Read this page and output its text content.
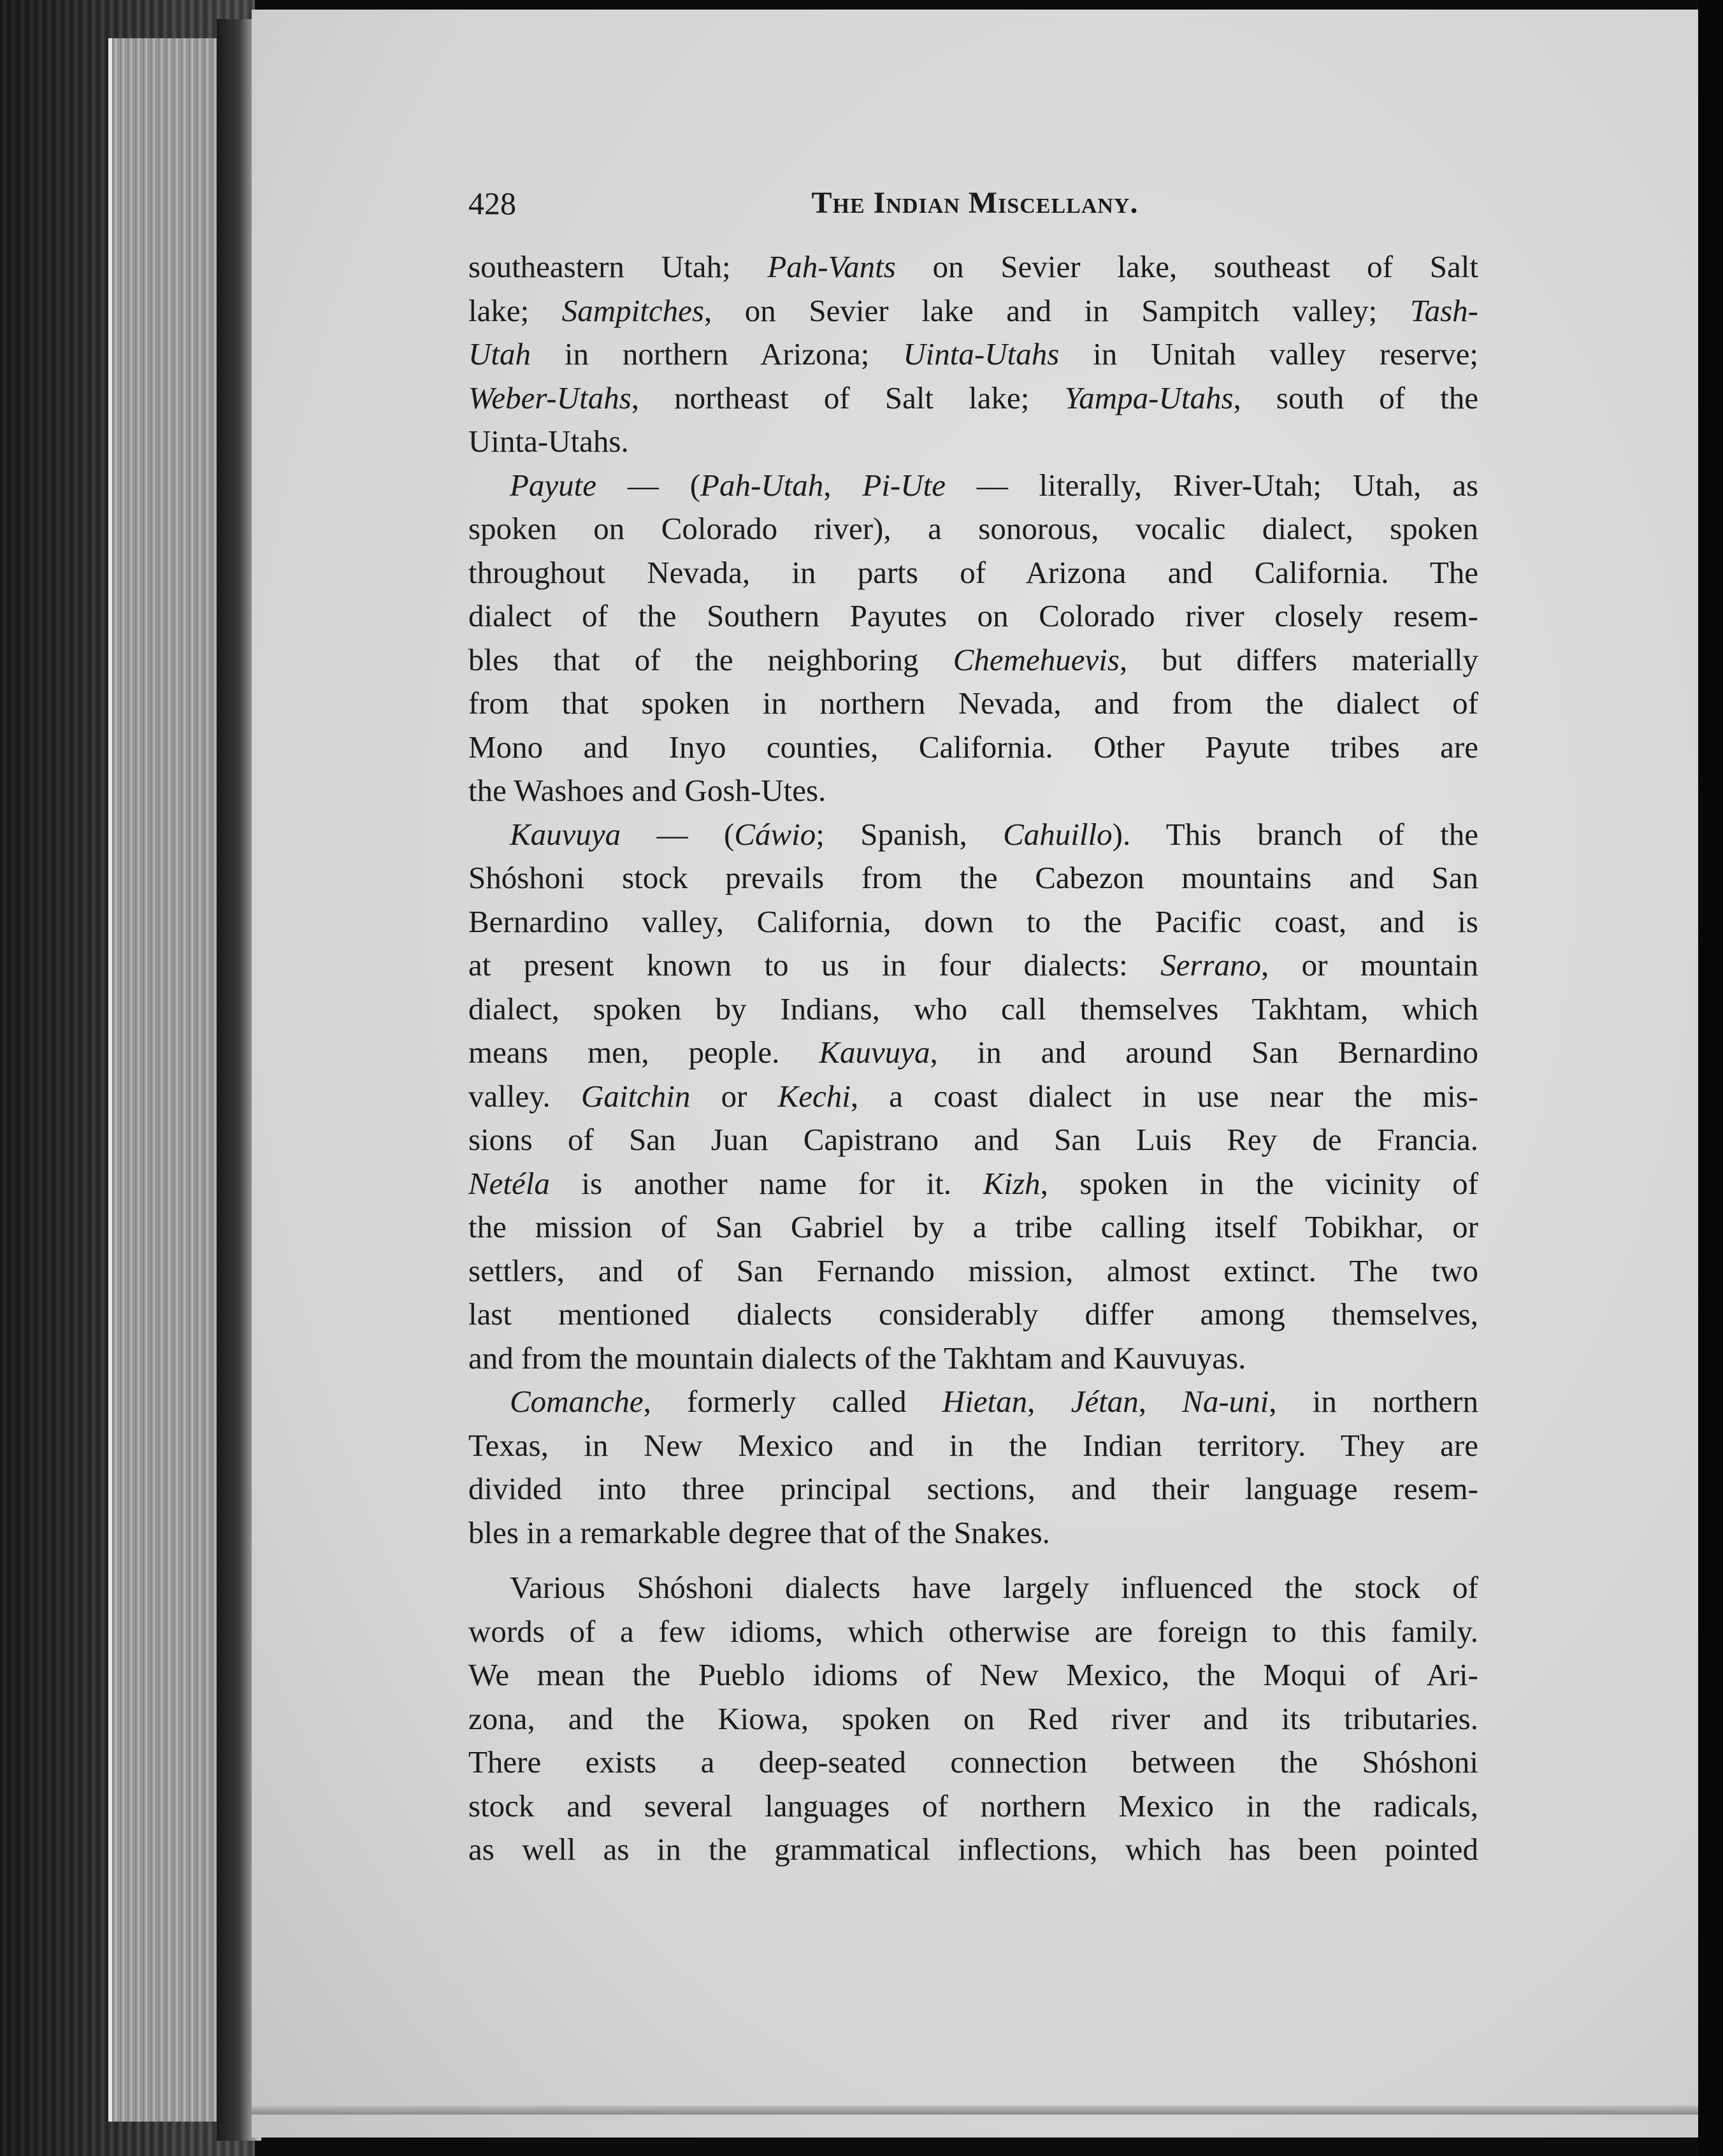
428	The Indian Miscellany.
southeastern Utah; Pah-Vants on Sevier lake, southeast of Salt
lake; Sampitches, on Sevier lake and in Sampitch valley; Tash-
Utah in northern Arizona; Uinta-Utahs in Unitah valley reserve;
Weber-Utahs, northeast of Salt lake; Yampa-Utahs, south of the
Uinta-Utahs.
Payute — (Pah-Utah, Pi-Ute — literally, River-Utah; Utah, as
spoken on Colorado river), a sonorous, vocalic dialect, spoken
throughout Nevada, in parts of Arizona and California. The
dialect of the Southern Payutes on Colorado river closely resem-
bles that of the neighboring Chemehuevis, but differs materially
from that spoken in northern Nevada, and from the dialect of
Mono and Inyo counties, California. Other Payute tribes are
the Washoes and Gosh-Utes.
Kauvuya — (Cáwio; Spanish, Cahuillo). This branch of the
Shóshoni stock prevails from the Cabezon mountains and San
Bernardino valley, California, down to the Pacific coast, and is
at present known to us in four dialects: Serrano, or mountain
dialect, spoken by Indians, who call themselves Takhtam, which
means men, people. Kauvuya, in and around San Bernardino
valley. Gaitchin or Kechi, a coast dialect in use near the mis-
sions of San Juan Capistrano and San Luis Rey de Francia.
Netéla is another name for it. Kizh, spoken in the vicinity of
the mission of San Gabriel by a tribe calling itself Tobikhar, or
settlers, and of San Fernando mission, almost extinct. The two
last mentioned dialects considerably differ among themselves,
and from the mountain dialects of the Takhtam and Kauvuyas.
Comanche, formerly called Hietan, Jétan, Na-uni, in northern
Texas, in New Mexico and in the Indian territory. They are
divided into three principal sections, and their language resem-
bles in a remarkable degree that of the Snakes.
Various Shóshoni dialects have largely influenced the stock of
words of a few idioms, which otherwise are foreign to this family.
We mean the Pueblo idioms of New Mexico, the Moqui of Ari-
zona, and the Kiowa, spoken on Red river and its tributaries.
There exists a deep-seated connection between the Shóshoni
stock and several languages of northern Mexico in the radicals,
as well as in the grammatical inflections, which has been pointed
